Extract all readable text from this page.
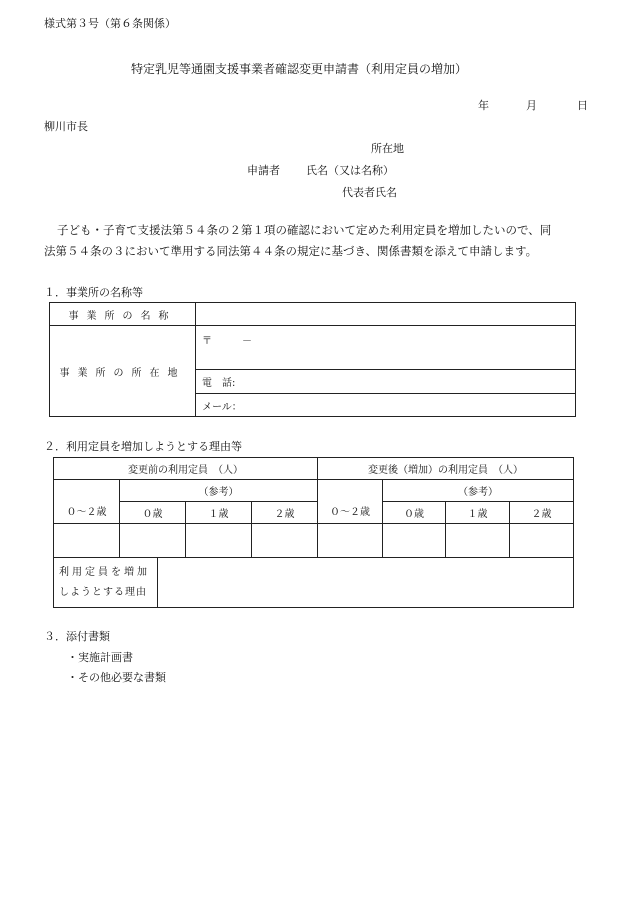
様式第３号（第６条関係）
特定乳児等通園支援事業者確認変更申請書（利用定員の増加）
年	月	日
柳川市長
所在地
申請者 氏名（又は名称）
代表者氏名
子ども・子育て支援法第５４条の２第１項の確認において定めた利用定員を増加したいので、同
法第５４条の３において準用する同法第４４条の規定に基づき、関係書類を添えて申請します。
１．事業所の名称等
事業所の名称	
事業所の所在地	〒　　　－
	電　話:
	メール：
２．利用定員を増加しようとする理由等
変更前の利用定員　（人）				変更後（増加）の利用定員　（人）			
０～２歳	（参考）			０～２歳	（参考）		
	０歳	１歳	２歳		０歳	１歳	２歳

利用定員を増加
しようとする理由

３．添付書類
・実施計画書
・その他必要な書類
